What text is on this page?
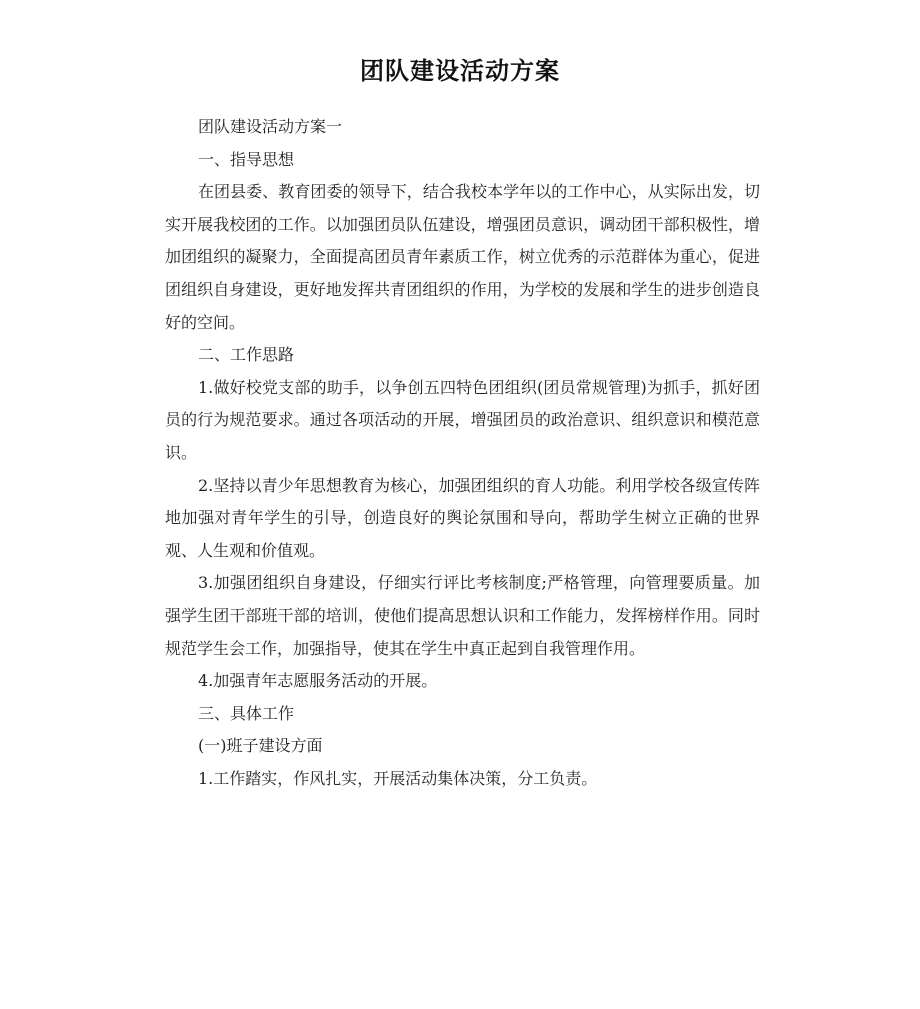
团队建设活动方案

团队建设活动方案一

一、指导思想

在团县委、教育团委的领导下，结合我校本学年以的工作中心，从实际出发，切实开展我校团的工作。以加强团员队伍建设，增强团员意识，调动团干部积极性，增加团组织的凝聚力，全面提高团员青年素质工作，树立优秀的示范群体为重心，促进团组织自身建设，更好地发挥共青团组织的作用，为学校的发展和学生的进步创造良好的空间。

二、工作思路

1.做好校党支部的助手，以争创五四特色团组织(团员常规管理)为抓手，抓好团员的行为规范要求。通过各项活动的开展，增强团员的政治意识、组织意识和模范意识。

2.坚持以青少年思想教育为核心，加强团组织的育人功能。利用学校各级宣传阵地加强对青年学生的引导，创造良好的舆论氛围和导向，帮助学生树立正确的世界观、人生观和价值观。

3.加强团组织自身建设，仔细实行评比考核制度;严格管理，向管理要质量。加强学生团干部班干部的培训，使他们提高思想认识和工作能力，发挥榜样作用。同时规范学生会工作，加强指导，使其在学生中真正起到自我管理作用。

4.加强青年志愿服务活动的开展。

三、具体工作

(一)班子建设方面

1.工作踏实，作风扎实，开展活动集体决策，分工负责。
